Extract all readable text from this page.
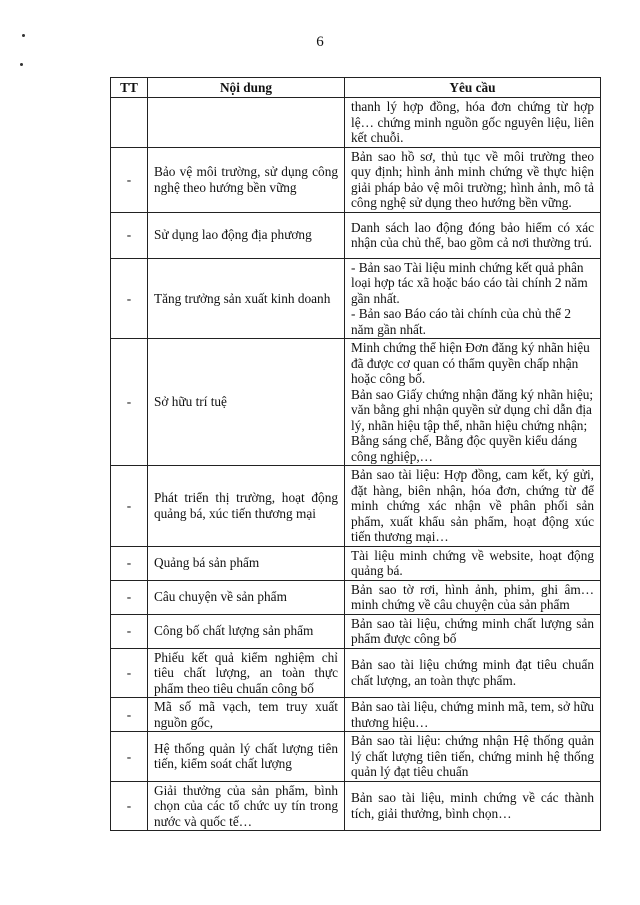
6
TT	Nội dung	Yêu cầu
		thanh lý hợp đồng, hóa đơn chứng từ hợp lệ… chứng minh nguồn gốc nguyên liệu, liên kết chuỗi.
-	Bảo vệ môi trường, sử dụng công nghệ theo hướng bền vững	Bản sao hồ sơ, thủ tục về môi trường theo quy định; hình ảnh minh chứng về thực hiện giải pháp bảo vệ môi trường; hình ảnh, mô tả công nghệ sử dụng theo hướng bền vững.
-	Sử dụng lao động địa phương	Danh sách lao động đóng bảo hiểm có xác nhận của chủ thể, bao gồm cả nơi thường trú.
-	Tăng trưởng sản xuất kinh doanh	- Bản sao Tài liệu minh chứng kết quả phân loại hợp tác xã hoặc báo cáo tài chính 2 năm gần nhất.
- Bản sao Báo cáo tài chính của chủ thể 2 năm gần nhất.

-	Sở hữu trí tuệ	Minh chứng thể hiện Đơn đăng ký nhãn hiệu đã được cơ quan có thẩm quyền chấp nhận hoặc công bố.
Bản sao Giấy chứng nhận đăng ký nhãn hiệu; văn bằng ghi nhận quyền sử dụng chỉ dẫn địa lý, nhãn hiệu tập thể, nhãn hiệu chứng nhận; Bằng sáng chế, Bằng độc quyền kiểu dáng công nghiệp,…

-	Phát triển thị trường, hoạt động quảng bá, xúc tiến thương mại	Bản sao tài liệu: Hợp đồng, cam kết, ký gửi, đặt hàng, biên nhận, hóa đơn, chứng từ để minh chứng xác nhận về phân phối sản phẩm, xuất khẩu sản phẩm, hoạt động xúc tiến thương mại…
-	Quảng bá sản phẩm	Tài liệu minh chứng về website, hoạt động quảng bá.
-	Câu chuyện về sản phẩm	Bản sao tờ rơi, hình ảnh, phim, ghi âm… minh chứng về câu chuyện của sản phẩm
-	Công bố chất lượng sản phẩm	Bản sao tài liệu, chứng minh chất lượng sản phẩm được công bố
-	Phiếu kết quả kiểm nghiệm chỉ tiêu chất lượng, an toàn thực phẩm theo tiêu chuẩn công bố	Bản sao tài liệu chứng minh đạt tiêu chuẩn chất lượng, an toàn thực phẩm.
-	Mã số mã vạch, tem truy xuất nguồn gốc,	Bản sao tài liệu, chứng minh mã, tem, sở hữu thương hiệu…
-	Hệ thống quản lý chất lượng tiên tiến, kiểm soát chất lượng	Bản sao tài liệu: chứng nhận Hệ thống quản lý chất lượng tiên tiến, chứng minh hệ thống quản lý đạt tiêu chuẩn
-	Giải thưởng của sản phẩm, bình chọn của các tổ chức uy tín trong nước và quốc tế…	Bản sao tài liệu, minh chứng về các thành tích, giải thưởng, bình chọn…
